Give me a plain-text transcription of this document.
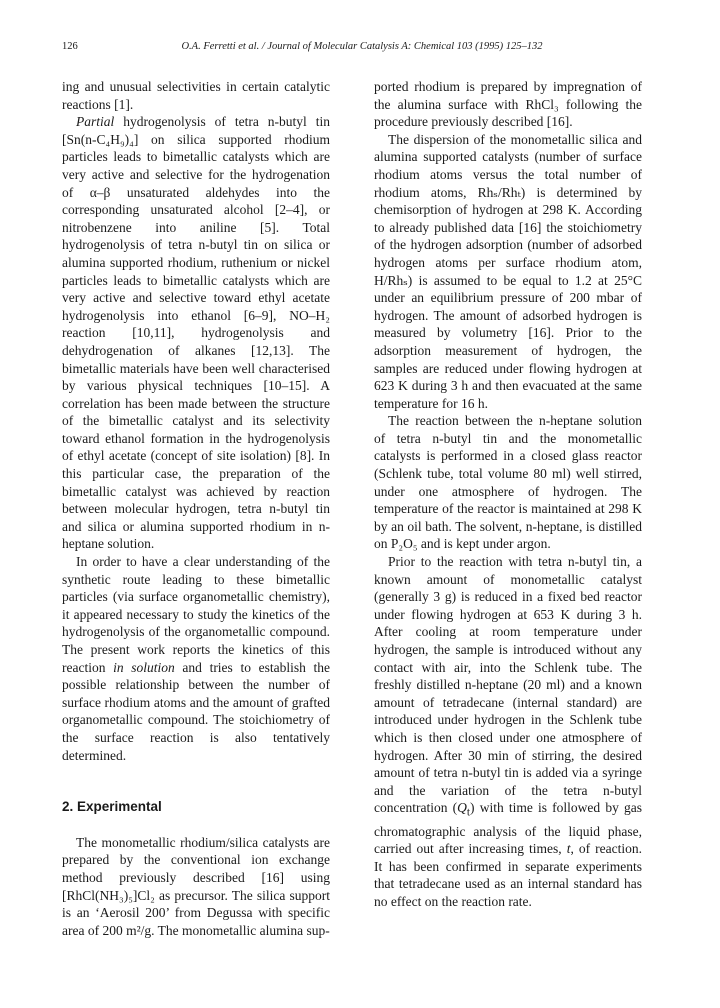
126	O.A. Ferretti et al. / Journal of Molecular Catalysis A: Chemical 103 (1995) 125–132

ing and unusual selectivities in certain catalytic reactions [1].

Partial hydrogenolysis of tetra n-butyl tin [Sn(n-C₄H₉)₄] on silica supported rhodium particles leads to bimetallic catalysts which are very active and selective for the hydrogenation of α–β unsaturated aldehydes into the corresponding unsaturated alcohol [2–4], or nitrobenzene into aniline [5]. Total hydrogenolysis of tetra n-butyl tin on silica or alumina supported rhodium, ruthenium or nickel particles leads to bimetallic catalysts which are very active and selective toward ethyl acetate hydrogenolysis into ethanol [6–9], NO–H₂ reaction [10,11], hydrogenolysis and dehydrogenation of alkanes [12,13]. The bimetallic materials have been well characterised by various physical techniques [10–15]. A correlation has been made between the structure of the bimetallic catalyst and its selectivity toward ethanol formation in the hydrogenolysis of ethyl acetate (concept of site isolation) [8]. In this particular case, the preparation of the bimetallic catalyst was achieved by reaction between molecular hydrogen, tetra n-butyl tin and silica or alumina supported rhodium in n-heptane solution.

In order to have a clear understanding of the synthetic route leading to these bimetallic particles (via surface organometallic chemistry), it appeared necessary to study the kinetics of the hydrogenolysis of the organometallic compound. The present work reports the kinetics of this reaction in solution and tries to establish the possible relationship between the number of surface rhodium atoms and the amount of grafted organometallic compound. The stoichiometry of the surface reaction is also tentatively determined.

2. Experimental

The monometallic rhodium/silica catalysts are prepared by the conventional ion exchange method previously described [16] using [RhCl(NH₃)₅]Cl₂ as precursor. The silica support is an ‘Aerosil 200’ from Degussa with specific area of 200 m²/g. The monometallic alumina sup-

ported rhodium is prepared by impregnation of the alumina surface with RhCl₃ following the procedure previously described [16].

The dispersion of the monometallic silica and alumina supported catalysts (number of surface rhodium atoms versus the total number of rhodium atoms, Rhₛ/Rhₜ) is determined by chemisorption of hydrogen at 298 K. According to already published data [16] the stoichiometry of the hydrogen adsorption (number of adsorbed hydrogen atoms per surface rhodium atom, H/Rhₛ) is assumed to be equal to 1.2 at 25°C under an equilibrium pressure of 200 mbar of hydrogen. The amount of adsorbed hydrogen is measured by volumetry [16]. Prior to the adsorption measurement of hydrogen, the samples are reduced under flowing hydrogen at 623 K during 3 h and then evacuated at the same temperature for 16 h.

The reaction between the n-heptane solution of tetra n-butyl tin and the monometallic catalysts is performed in a closed glass reactor (Schlenk tube, total volume 80 ml) well stirred, under one atmosphere of hydrogen. The temperature of the reactor is maintained at 298 K by an oil bath. The solvent, n-heptane, is distilled on P₂O₅ and is kept under argon.

Prior to the reaction with tetra n-butyl tin, a known amount of monometallic catalyst (generally 3 g) is reduced in a fixed bed reactor under flowing hydrogen at 653 K during 3 h. After cooling at room temperature under hydrogen, the sample is introduced without any contact with air, into the Schlenk tube. The freshly distilled n-heptane (20 ml) and a known amount of tetradecane (internal standard) are introduced under hydrogen in the Schlenk tube which is then closed under one atmosphere of hydrogen. After 30 min of stirring, the desired amount of tetra n-butyl tin is added via a syringe and the variation of the tetra n-butyl concentration $(Q_t)$ with time is followed by gas chromatographic analysis of the liquid phase, carried out after increasing times, t, of reaction. It has been confirmed in separate experiments that tetradecane used as an internal standard has no effect on the reaction rate.
